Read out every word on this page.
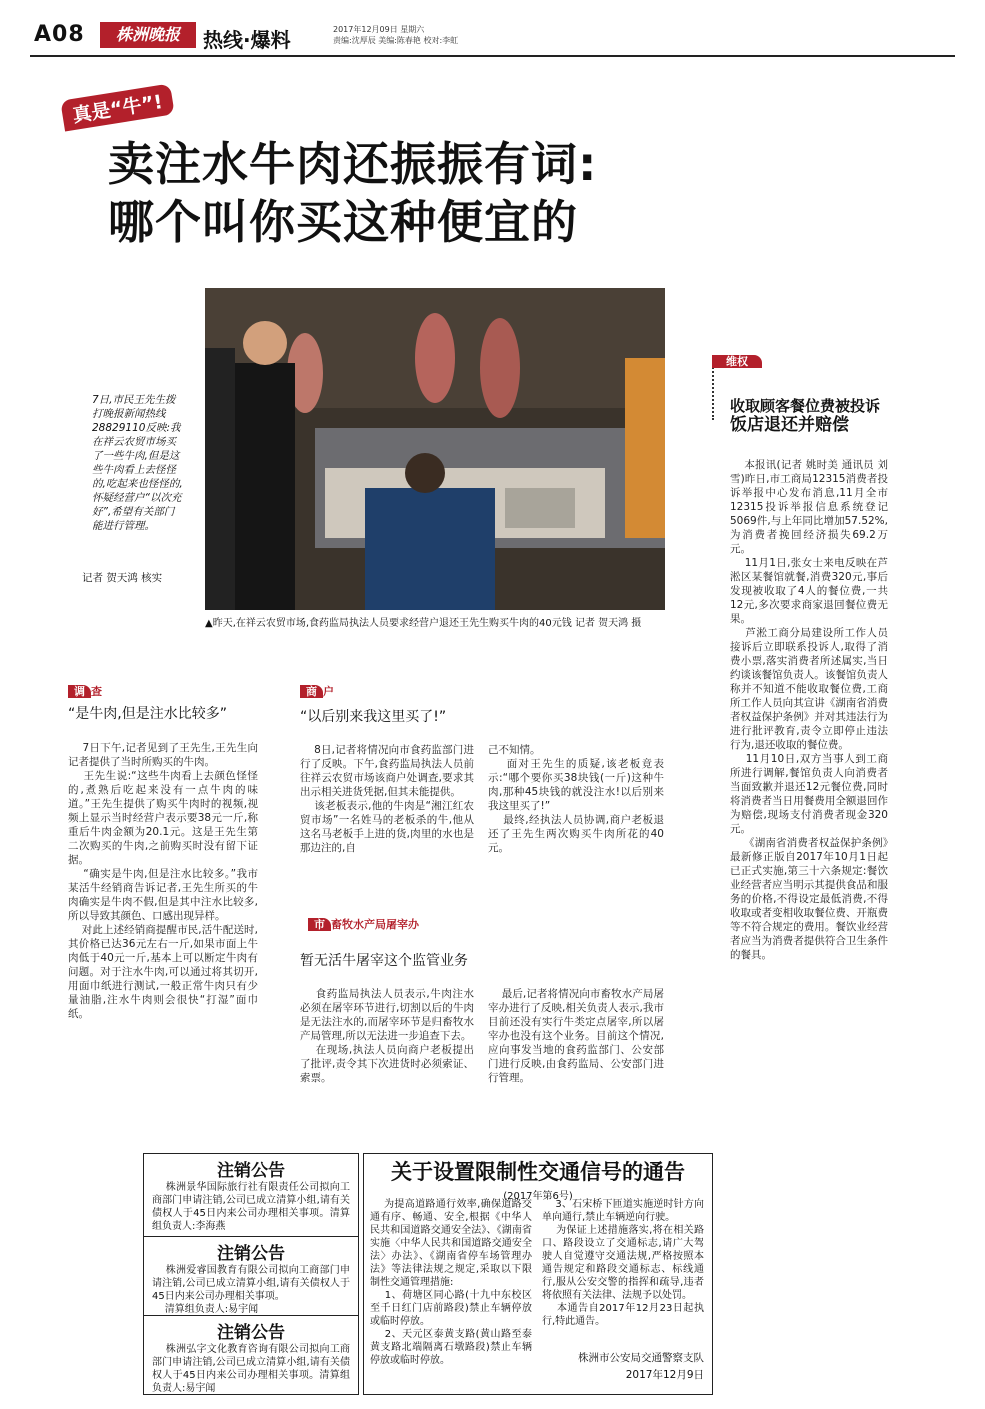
A08	株洲晚报	热线·爆料	2017年12月09日 星期六
责编:沈厚辰 美编:陈春艳 校对:李虹
真是“牛”!
卖注水牛肉还振振有词:
哪个叫你买这种便宜的
7日,市民王先生拨打晚报新闻热线28829110反映:我在祥云农贸市场买了一些牛肉,但是这些牛肉看上去怪怪的,吃起来也怪怪的,怀疑经营户“以次充好”,希望有关部门能进行管理。
记者 贺天鸿 核实
▲昨天,在祥云农贸市场,食药监局执法人员要求经营户退还王先生购买牛肉的40元钱 记者 贺天鸿 摄
调 查
“是牛肉,但是注水比较多”
7日下午,记者见到了王先生,王先生向记者提供了当时所购买的牛肉。
王先生说:“这些牛肉看上去颜色怪怪的,煮熟后吃起来没有一点牛肉的味道。”王先生提供了购买牛肉时的视频,视频上显示当时经营户表示要38元一斤,称重后牛肉金额为20.1元。这是王先生第二次购买的牛肉,之前购买时没有留下证据。
“确实是牛肉,但是注水比较多。”我市某活牛经销商告诉记者,王先生所买的牛肉确实是牛肉不假,但是其中注水比较多,所以导致其颜色、口感出现异样。
对此上述经销商提醒市民,活牛配送时,其价格已达36元左右一斤,如果市面上牛肉低于40元一斤,基本上可以断定牛肉有问题。对于注水牛肉,可以通过将其切开,用面巾纸进行测试,一般正常牛肉只有少量油脂,注水牛肉则会很快“打湿”面巾纸。
商 户
“以后别来我这里买了!”
8日,记者将情况向市食药监部门进行了反映。下午,食药监局执法人员前往祥云农贸市场该商户处调查,要求其出示相关进货凭据,但其未能提供。
该老板表示,他的牛肉是“湘江红农贸市场”一名姓马的老板杀的牛,他从这名马老板手上进的货,肉里的水也是那边注的,自
己不知情。
面对王先生的质疑,该老板竟表示:“哪个要你买38块钱(一斤)这种牛肉,那种45块钱的就没注水!以后别来我这里买了!”
最终,经执法人员协调,商户老板退还了王先生两次购买牛肉所花的40元。
市 畜牧水产局屠宰办
暂无活牛屠宰这个监管业务
食药监局执法人员表示,牛肉注水必须在屠宰环节进行,切割以后的牛肉是无法注水的,而屠宰环节是归畜牧水产局管理,所以无法进一步追查下去。
在现场,执法人员向商户老板提出了批评,责令其下次进货时必须索证、索票。
最后,记者将情况向市畜牧水产局屠宰办进行了反映,相关负责人表示,我市目前还没有实行牛类定点屠宰,所以屠宰办也没有这个业务。目前这个情况,应向事发当地的食药监部门、公安部门进行反映,由食药监局、公安部门进行管理。
维权
收取顾客餐位费被投诉
饭店退还并赔偿
本报讯(记者 姚时美 通讯员 刘雪)昨日,市工商局12315消费者投诉举报中心发布消息,11月全市12315投诉举报信息系统登记5069件,与上年同比增加57.52%,为消费者挽回经济损失69.2万元。
11月1日,张女士来电反映在芦淞区某餐馆就餐,消费320元,事后发现被收取了4人的餐位费,一共12元,多次要求商家退回餐位费无果。
芦淞工商分局建设所工作人员接诉后立即联系投诉人,取得了消费小票,落实消费者所述属实,当日约谈该餐馆负责人。该餐馆负责人称并不知道不能收取餐位费,工商所工作人员向其宣讲《湖南省消费者权益保护条例》并对其违法行为进行批评教育,责令立即停止违法行为,退还收取的餐位费。
11月10日,双方当事人到工商所进行调解,餐馆负责人向消费者当面致歉并退还12元餐位费,同时将消费者当日用餐费用全额退回作为赔偿,现场支付消费者现金320元。
《湖南省消费者权益保护条例》最新修正版自2017年10月1日起已正式实施,第三十六条规定:餐饮业经营者应当明示其提供食品和服务的价格,不得设定最低消费,不得收取或者变相收取餐位费、开瓶费等不符合规定的费用。餐饮业经营者应当为消费者提供符合卫生条件的餐具。
注销公告
株洲景华国际旅行社有限责任公司拟向工商部门申请注销,公司已成立清算小组,请有关债权人于45日内来公司办理相关事项。清算组负责人:李海燕
注销公告
株洲爱睿国教育有限公司拟向工商部门申请注销,公司已成立清算小组,请有关债权人于45日内来公司办理相关事项。
清算组负责人:易宇闻
注销公告
株洲弘字文化教育咨询有限公司拟向工商部门申请注销,公司已成立清算小组,请有关债权人于45日内来公司办理相关事项。清算组负责人:易宇闻
关于设置限制性交通信号的通告
(2017年第6号)
为提高道路通行效率,确保道路交通有序、畅通、安全,根据《中华人民共和国道路交通安全法》、《湖南省实施〈中华人民共和国道路交通安全法〉办法》、《湖南省停车场管理办法》等法律法规之规定,采取以下限制性交通管理措施:
1、荷塘区同心路(十九中东校区至千日红门店前路段)禁止车辆停放或临时停放。
2、天元区泰黄支路(黄山路至泰黄支路北端隔离石墩路段)禁止车辆停放或临时停放。
3、石宋桥下匝道实施逆时针方向单向通行,禁止车辆逆向行驶。
为保证上述措施落实,将在相关路口、路段设立了交通标志,请广大驾驶人自觉遵守交通法规,严格按照本通告规定和路段交通标志、标线通行,服从公安交警的指挥和疏导,违者将依照有关法律、法规予以处罚。
本通告自2017年12月23日起执行,特此通告。
株洲市公安局交通警察支队
2017年12月9日
